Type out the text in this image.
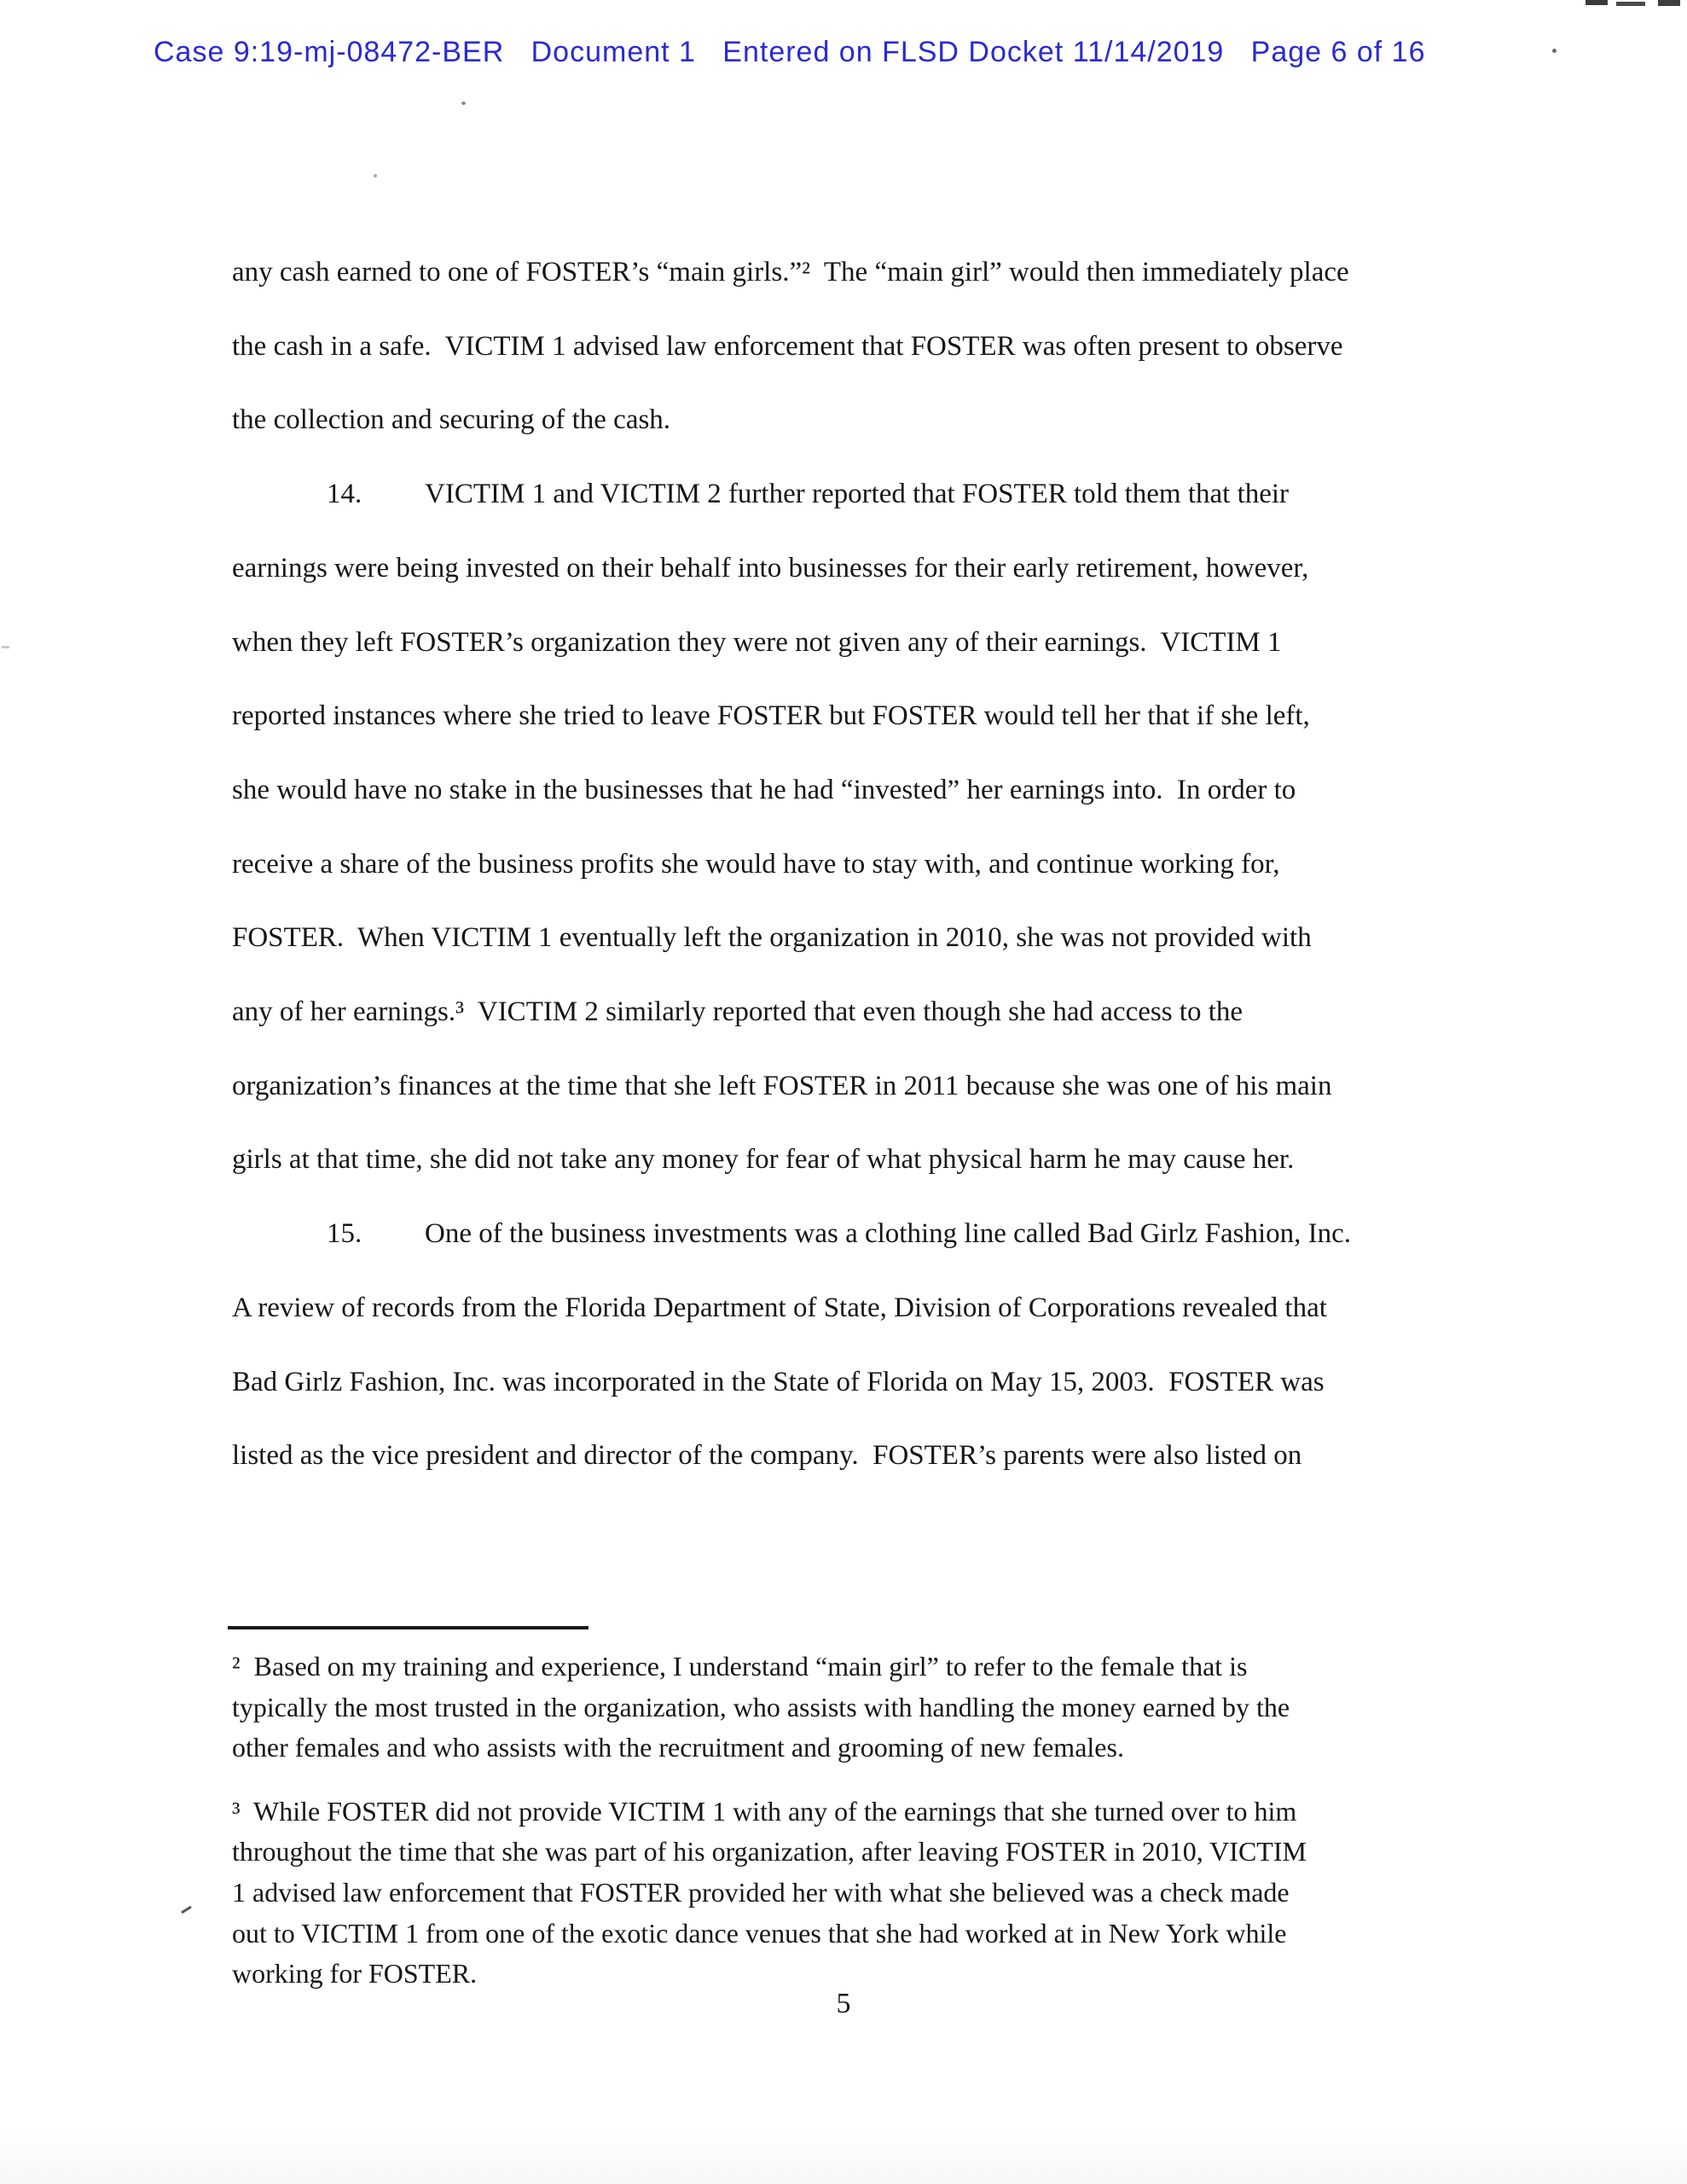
Case 9:19-mj-08472-BER   Document 1   Entered on FLSD Docket 11/14/2019   Page 6 of 16
any cash earned to one of FOSTER’s “main girls.”²  The “main girl” would then immediately place
the cash in a safe.  VICTIM 1 advised law enforcement that FOSTER was often present to observe
the collection and securing of the cash.
14. VICTIM 1 and VICTIM 2 further reported that FOSTER told them that their
earnings were being invested on their behalf into businesses for their early retirement, however,
when they left FOSTER’s organization they were not given any of their earnings.  VICTIM 1
reported instances where she tried to leave FOSTER but FOSTER would tell her that if she left,
she would have no stake in the businesses that he had “invested” her earnings into.  In order to
receive a share of the business profits she would have to stay with, and continue working for,
FOSTER.  When VICTIM 1 eventually left the organization in 2010, she was not provided with
any of her earnings.³  VICTIM 2 similarly reported that even though she had access to the
organization’s finances at the time that she left FOSTER in 2011 because she was one of his main
girls at that time, she did not take any money for fear of what physical harm he may cause her.
15. One of the business investments was a clothing line called Bad Girlz Fashion, Inc.
A review of records from the Florida Department of State, Division of Corporations revealed that
Bad Girlz Fashion, Inc. was incorporated in the State of Florida on May 15, 2003.  FOSTER was
listed as the vice president and director of the company.  FOSTER’s parents were also listed on
²  Based on my training and experience, I understand “main girl” to refer to the female that is
typically the most trusted in the organization, who assists with handling the money earned by the
other females and who assists with the recruitment and grooming of new females.
³  While FOSTER did not provide VICTIM 1 with any of the earnings that she turned over to him
throughout the time that she was part of his organization, after leaving FOSTER in 2010, VICTIM
1 advised law enforcement that FOSTER provided her with what she believed was a check made
out to VICTIM 1 from one of the exotic dance venues that she had worked at in New York while
working for FOSTER.
5
